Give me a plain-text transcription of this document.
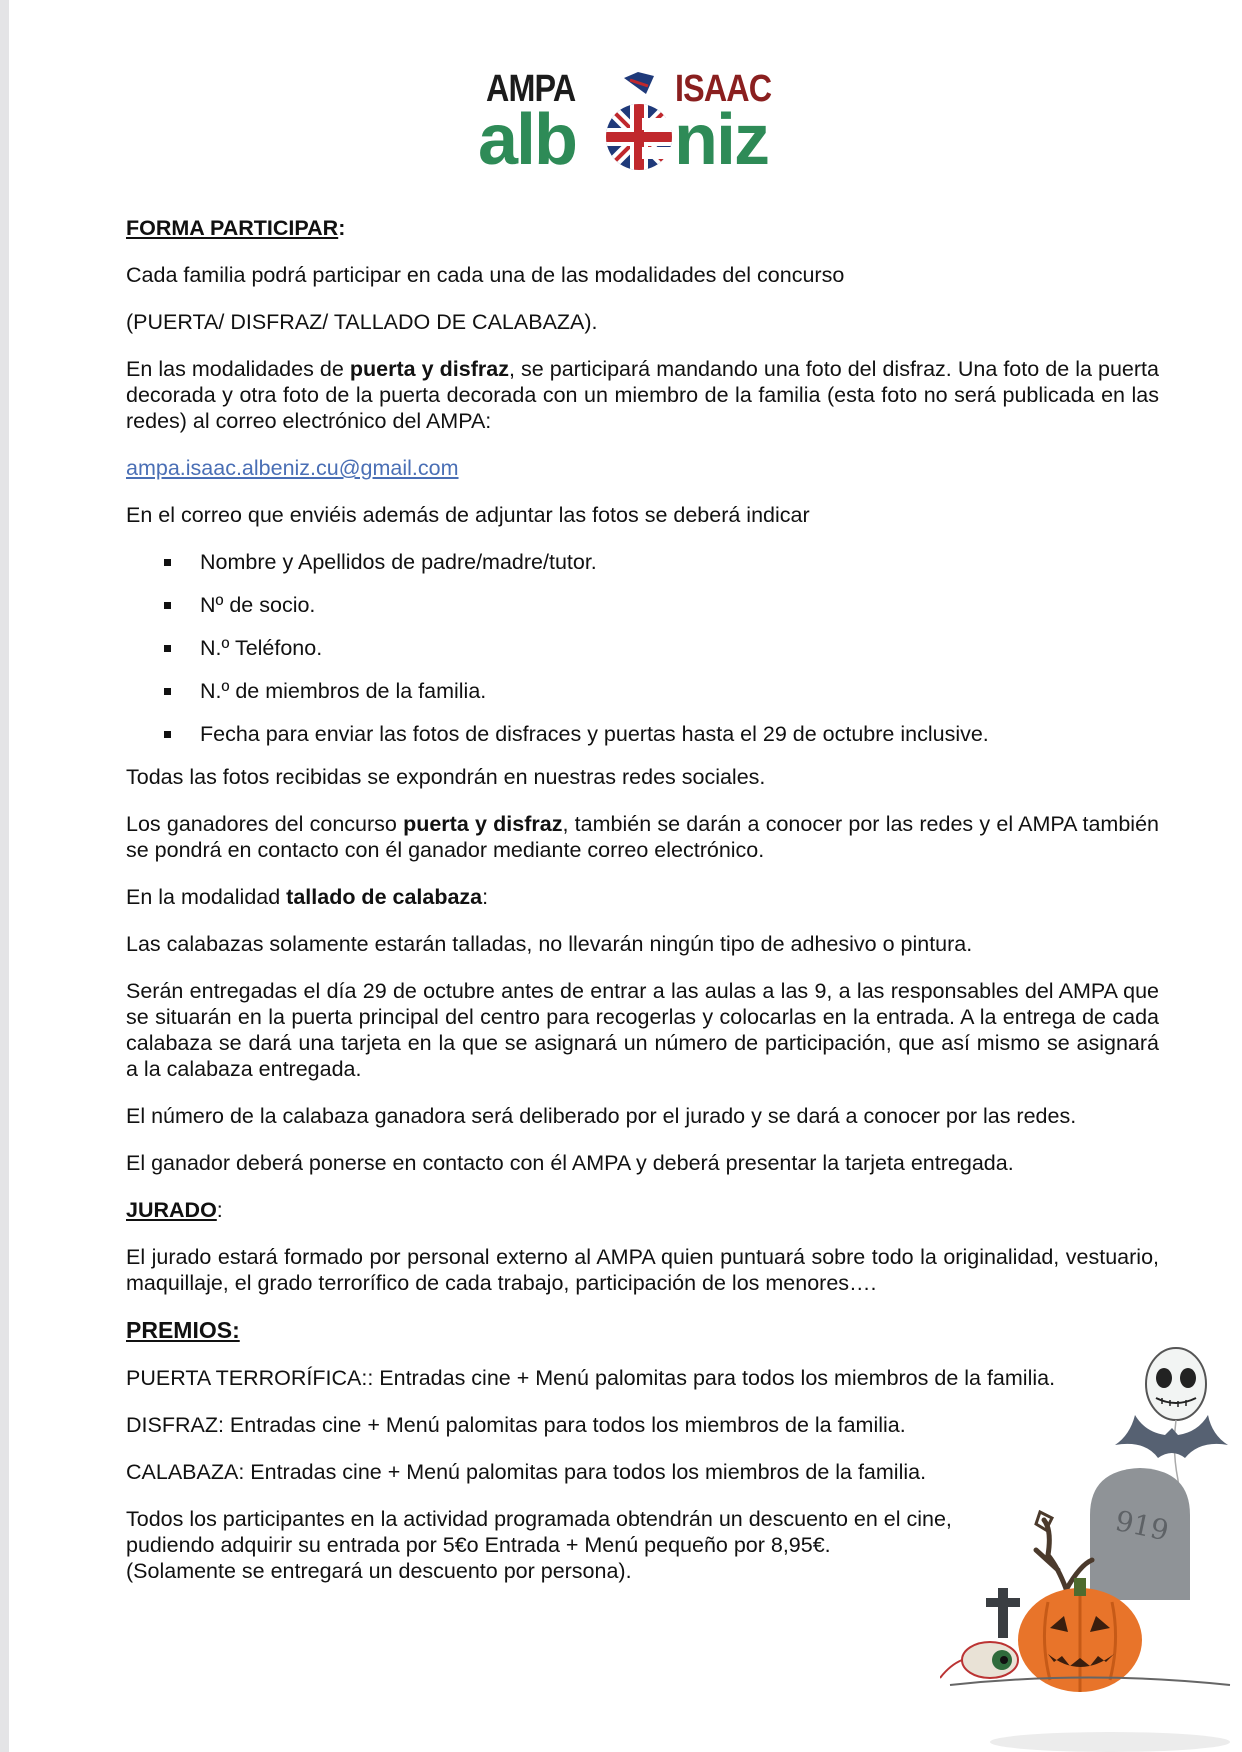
AMPA	ISAAC
alb niz

FORMA PARTICIPAR:

Cada familia podrá participar en cada una de las modalidades del concurso

(PUERTA/ DISFRAZ/ TALLADO DE CALABAZA).

En las modalidades de puerta y disfraz, se participará mandando una foto del disfraz. Una foto de la puerta decorada y otra foto de la puerta decorada con un miembro de la familia (esta foto no será publicada en las redes) al correo electrónico del AMPA:

ampa.isaac.albeniz.cu@gmail.com

En el correo que enviéis además de adjuntar las fotos se deberá indicar

Nombre y Apellidos de padre/madre/tutor.
Nº de socio.
N.º Teléfono.
N.º de miembros de la familia.
Fecha para enviar las fotos de disfraces y puertas hasta el 29 de octubre inclusive.

Todas las fotos recibidas se expondrán en nuestras redes sociales.

Los ganadores del concurso puerta y disfraz, también se darán a conocer por las redes y el AMPA también se pondrá en contacto con él ganador mediante correo electrónico.

En la modalidad tallado de calabaza:

Las calabazas solamente estarán talladas, no llevarán ningún tipo de adhesivo o pintura.

Serán entregadas el día 29 de octubre antes de entrar a las aulas a las 9, a las responsables del AMPA que se situarán en la puerta principal del centro para recogerlas y colocarlas en la entrada. A la entrega de cada calabaza se dará una tarjeta en la que se asignará un número de participación, que así mismo se asignará a la calabaza entregada.

El número de la calabaza ganadora será deliberado por el jurado y se dará a conocer por las redes.

El ganador deberá ponerse en contacto con él AMPA y deberá presentar la tarjeta entregada.

JURADO:

El jurado estará formado por personal externo al AMPA quien puntuará sobre todo la originalidad, vestuario, maquillaje, el grado terrorífico de cada trabajo, participación de los menores….

PREMIOS:

PUERTA TERRORÍFICA:: Entradas cine + Menú palomitas para todos los miembros de la familia.

DISFRAZ: Entradas cine + Menú palomitas para todos los miembros de la familia.

CALABAZA: Entradas cine + Menú palomitas para todos los miembros de la familia.

Todos los participantes en la actividad programada obtendrán un descuento en el cine,
pudiendo adquirir su entrada por 5€o Entrada + Menú pequeño por 8,95€.
(Solamente se entregará un descuento por persona).

919
